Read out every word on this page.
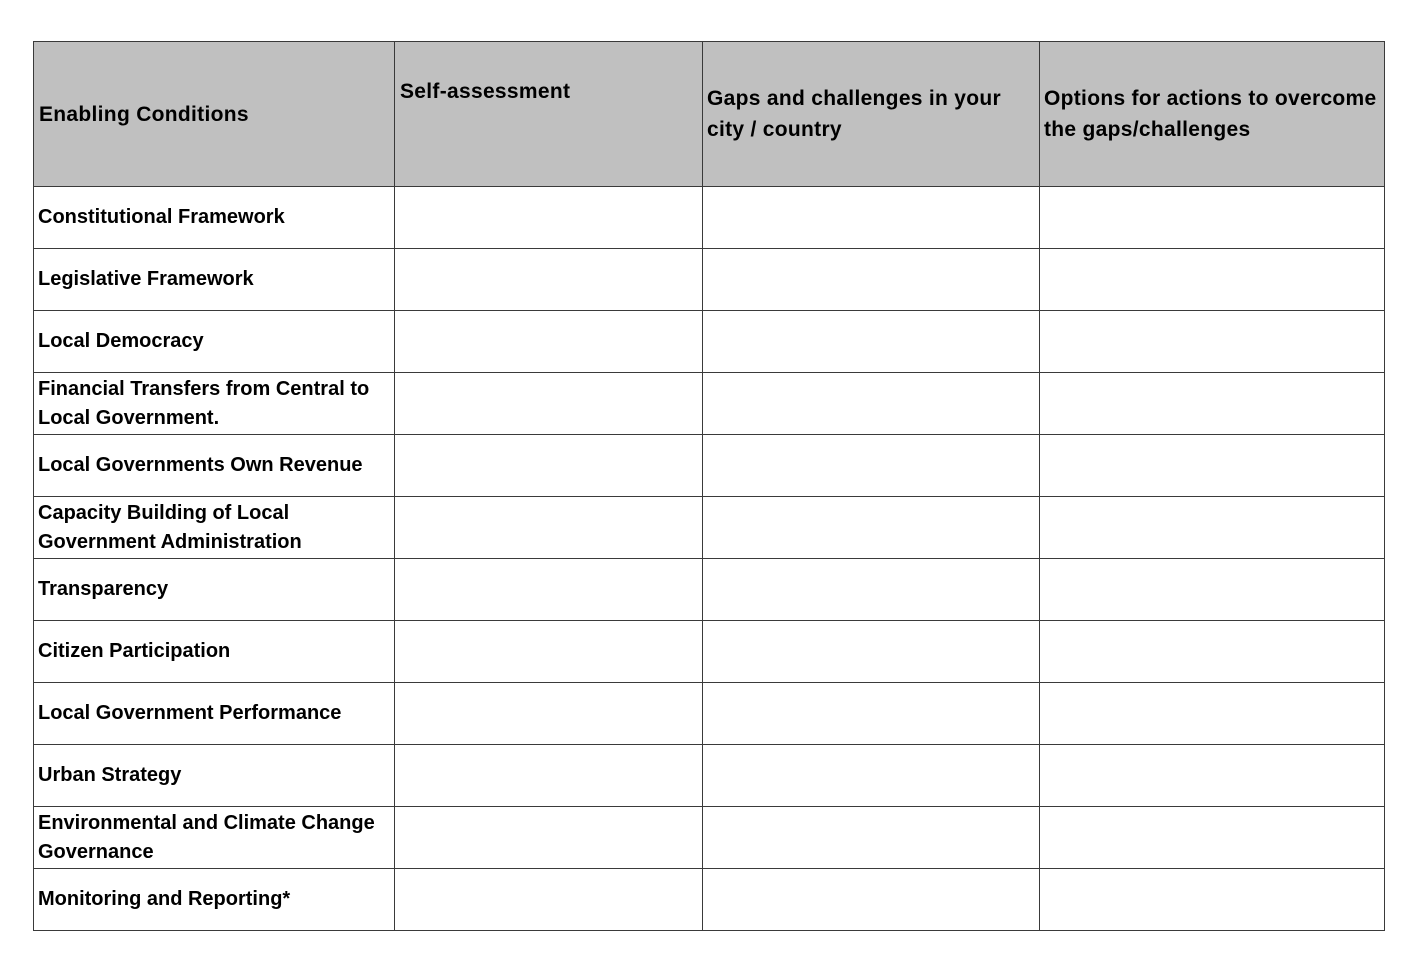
Enabling Conditions	Self-assessment	Gaps and challenges in your city / country	Options for actions to overcome the gaps/challenges
Constitutional Framework			
Legislative Framework			
Local Democracy			
Financial Transfers from Central to Local Government.			
Local Governments Own Revenue			
Capacity Building of Local Government Administration			
Transparency			
Citizen Participation			
Local Government Performance			
Urban Strategy			
Environmental and Climate Change Governance			
Monitoring and Reporting*			
